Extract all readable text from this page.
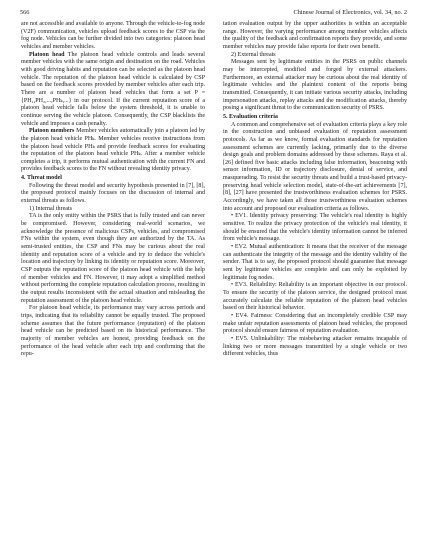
566	Chinese Journal of Electronics, vol. 34, no. 2

are not accessible and available to anyone. Through the vehicle-to-fog node (V2F) communication, vehicles upload feedback scores to the CSP via the fog node. Vehicles can be further divided into two categories: platoon head vehicles and member vehicles.

Platoon head The platoon head vehicle controls and leads several member vehicles with the same origin and destination on the road. Vehicles with good driving habits and reputation can be selected as the platoon head vehicle. The reputation of the platoon head vehicle is calculated by CSP based on the feedback scores provided by member vehicles after each trip. There are a number of platoon head vehicles that form a set P = {PH₁,PH₂,...,PHₖ,...} in our protocol. If the current reputation score of a platoon head vehicle falls below the system threshold, it is unable to continue serving the vehicle platoon. Consequently, the CSP blacklists the vehicle and imposes a cash penalty.

Platoon members Member vehicles automatically join a platoon led by the platoon head vehicle PHₖ. Member vehicles receive instructions from the platoon head vehicle PHₖ and provide feedback scores for evaluating the reputation of the platoon head vehicle PHₖ. After a member vehicle completes a trip, it performs mutual authentication with the current FN and provides feedback scores to the FN without revealing identity privacy.

4. Threat model

Following the threat model and security hypothesis presented in [7], [8], the proposed protocol mainly focuses on the discussion of internal and external threats as follows.

1) Internal threats

TA is the only entity within the PSRS that is fully trusted and can never be compromised. However, considering real-world scenarios, we acknowledge the presence of malicious CSPs, vehicles, and compromised FNs within the system, even though they are authorized by the TA. As semi-trusted entities, the CSP and FNs may be curious about the real identity and reputation score of a vehicle and try to deduce the vehicle's location and trajectory by linking its identity or reputation score. Moreover, CSP outputs the reputation score of the platoon head vehicle with the help of member vehicles and FN. However, it may adopt a simplified method without performing the complete reputation calculation process, resulting in the output results inconsistent with the actual situation and misleading the reputation assessment of the platoon head vehicle.

For platoon head vehicle, its performance may vary across periods and trips, indicating that its reliability cannot be equally trusted. The proposed scheme assumes that the future performance (reputation) of the platoon head vehicle can be predicted based on its historical performance. The majority of member vehicles are honest, providing feedback on the performance of the head vehicle after each trip and confirming that the repu-

tation evaluation output by the upper authorities is within an acceptable range. However, the varying performance among member vehicles affects the quality of the feedback and confirmation reports they provide, and some member vehicles may provide false reports for their own benefit.

2) External threats

Messages sent by legitimate entities in the PSRS on public channels may be intercepted, modified and forged by external attackers. Furthermore, an external attacker may be curious about the real identity of legitimate vehicles and the plaintext content of the reports being transmitted. Consequently, it can initiate various security attacks, including impersonation attacks, replay attacks and the modification attacks, thereby posing a significant threat to the communication security of PSRS.

5. Evaluation criteria

A common and comprehensive set of evaluation criteria plays a key role in the construction and unbiased evaluation of reputation assessment protocols. As far as we know, formal evaluation standards for reputation assessment schemes are currently lacking, primarily due to the diverse design goals and problem domains addressed by these schemes. Raya et al. [26] defined five basic attacks including false information, beaconing with sensor information, ID or trajectory disclosure, denial of service, and masquerading. To resist the security threats and build a trust-based privacy-preserving head vehicle selection model, state-of-the-art achievements [7], [8], [27] have presented the trustworthiness evaluation schemes for PSRS. Accordingly, we have taken all those trustworthiness evaluation schemes into account and proposed our evaluation criteria as follows.

• EV1. Identity privacy preserving: The vehicle's real identity is highly sensitive. To realize the privacy protection of the vehicle's real identity, it should be ensured that the vehicle's identity information cannot be inferred from vehicle's message.

• EV2. Mutual authentication: It means that the receiver of the message can authenticate the integrity of the message and the identity validity of the sender. That is to say, the proposed protocol should guarantee that message sent by legitimate vehicles are complete and can only be exploited by legitimate fog nodes.

• EV3. Reliability: Reliability is an important objective in our protocol. To ensure the security of the platoon service, the designed protocol must accurately calculate the reliable reputation of the platoon head vehicles based on their historical behavior.

• EV4. Fairness: Considering that an incompletely credible CSP may make unfair reputation assessments of platoon head vehicles, the proposed protocol should ensure fairness of reputation evaluation.

• EV5. Unlinkability: The misbehaving attacker remains incapable of linking two or more messages transmitted by a single vehicle or two different vehicles, thus
